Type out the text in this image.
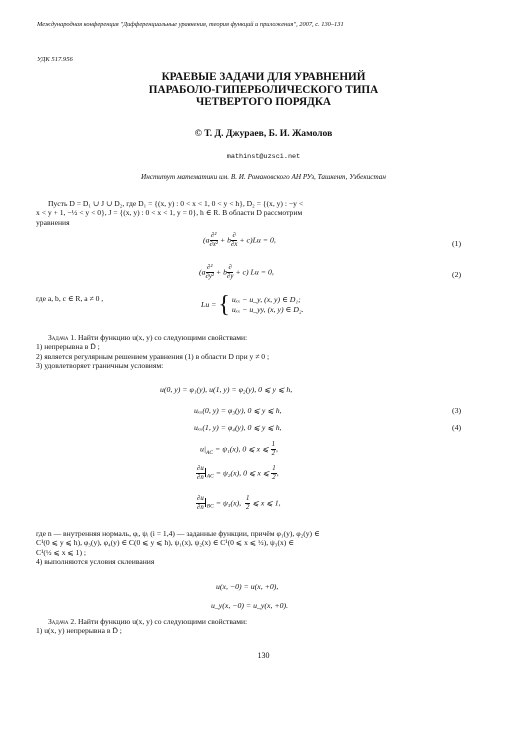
Международная конференция "Дифференциальные уравнения, теория функций и приложения", 2007, с. 130–131
УДК 517.956
КРАЕВЫЕ ЗАДАЧИ ДЛЯ УРАВНЕНИЙ
ПАРАБОЛО-ГИПЕРБОЛИЧЕСКОГО ТИПА
ЧЕТВЕРТОГО ПОРЯДКА
© Т. Д. Джураев, Б. И. Жамолов
mathinst@uzsci.net
Институт математики им. В. И. Романовского АН РУз, Ташкент, Узбекистан
Пусть D = D₁ ∪ J ∪ D₂, где D₁ = {(x, y) : 0 < x < 1, 0 < y < h}, D₂ = {(x, y) : −y <
x < y + 1, −½ < y < 0}, J = {(x, y) : 0 < x < 1, y = 0}, h ∈ R. В области D рассмотрим
уравнения
$(a \frac{\text{∂²}}{\text{∂x²}} + b \frac{\partial}{\partial x} + c)Lu = 0$,	(1)
$(a \frac{\text{∂²}}{\text{∂y²}} + b \frac{\partial}{\partial y} + c)$ Lu = 0,	(2)
где a, b, c ∈ R, a ≠ 0 ,
Lu = { uₓₓ − u_y, (x, y) ∈ D₁;
uₓₓ − u_yy, (x, y) ∈ D₂.
Задача 1. Найти функцию u(x, y) со следующими свойствами:
1) непрерывна в D̄ ;
2) является регулярным решением уравнения (1) в области D при y ≠ 0 ;
3) удовлетворяет граничным условиям:
u(0, y) = φ₁(y), u(1, y) = φ₂(y), 0 ⩽ y ⩽ h,
uₓₓ(0, y) = φ₃(y), 0 ⩽ y ⩽ h,	(3)
uₓₓ(1, y) = φ₄(y), 0 ⩽ y ⩽ h,	(4)
$u|_{AC} = \psi_1(x)$, 0 ⩽ x ⩽ $\frac{1}{2}$ ,
$\frac{\partial u}{\partial n} _{AC} = \psi_2(x)$, 0 ⩽ x ⩽ $\frac{1}{2}$ ,
$\frac{\partial u}{\partial n} _{BC} = \psi_3(x)$, $\frac{1}{2}$ ⩽ x ⩽ 1,
где n — внутренняя нормаль, φᵢ, ψᵢ (i = 1,4) — заданные функции, причём φ₁(y), φ₂(y) ∈
C¹(0 ⩽ y ⩽ h), φ₃(y), φ₄(y) ∈ C(0 ⩽ y ⩽ h), ψ₁(x), ψ₂(x) ∈ C¹(0 ⩽ x ⩽ ½), ψ₃(x) ∈
C¹(½ ⩽ x ⩽ 1) ;
4) выполняются условия склеивания
u(x, −0) = u(x, +0),
u_y(x, −0) = u_y(x, +0).
Задача 2. Найти функцию u(x, y) со следующими свойствами:
1) u(x, y) непрерывна в D̄ ;
130
